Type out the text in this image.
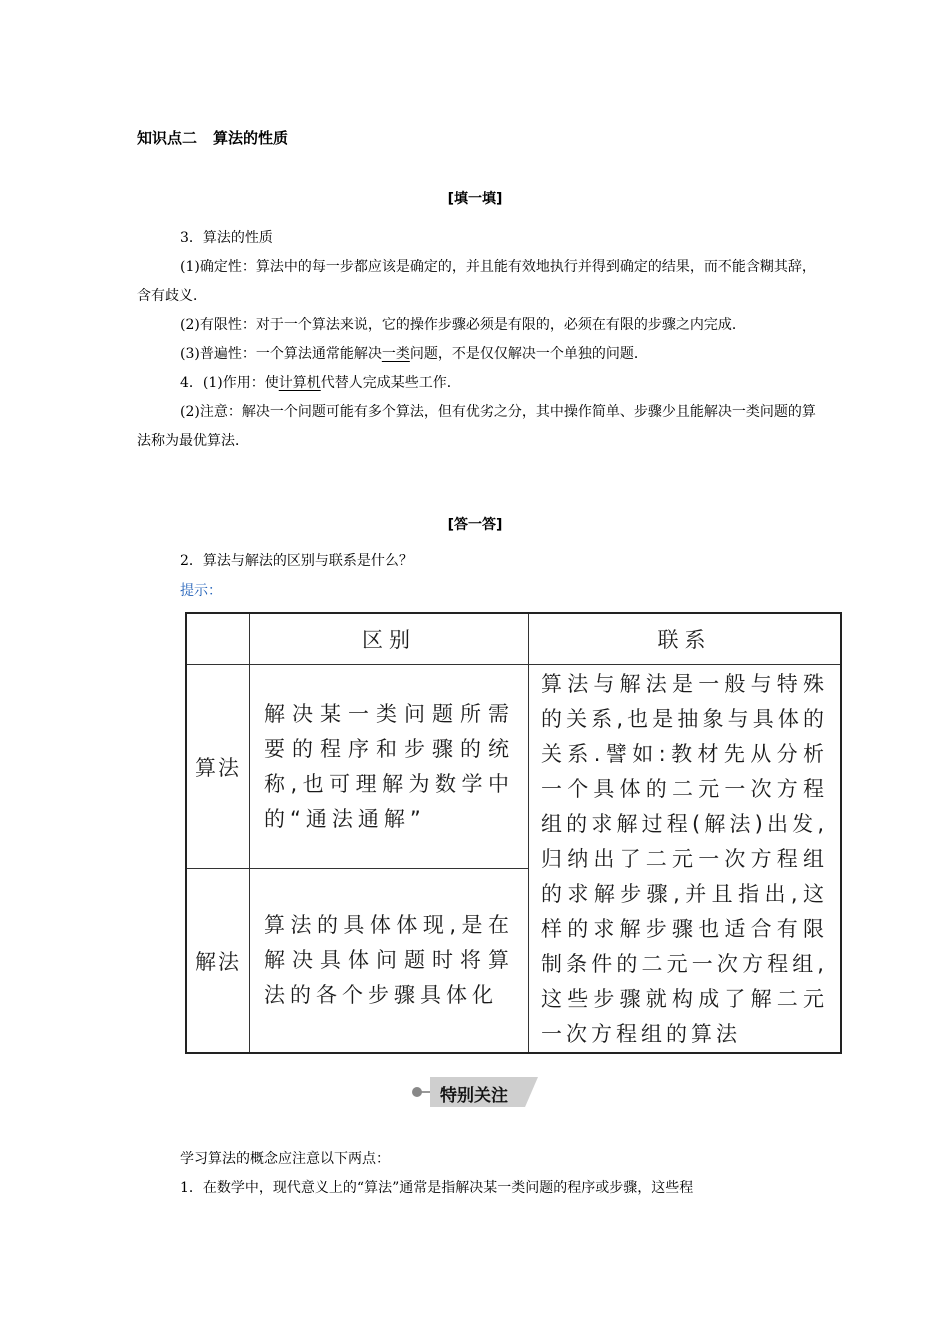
知识点二 算法的性质
[填一填]

3．算法的性质

(1)确定性：算法中的每一步都应该是确定的，并且能有效地执行并得到确定的结果，而不能含糊其辞，含有歧义．

(2)有限性：对于一个算法来说，它的操作步骤必须是有限的，必须在有限的步骤之内完成．

(3)普遍性：一个算法通常能解决一类问题，不是仅仅解决一个单独的问题．

4．(1)作用：使计算机代替人完成某些工作．

(2)注意：解决一个问题可能有多个算法，但有优劣之分，其中操作简单、步骤少且能解决一类问题的算法称为最优算法．

[答一答]

2．算法与解法的区别与联系是什么？

提示：
	区别	联系
算法	解决某一类问题所需要的程序和步骤的统称,也可理解为数学中的“通法通解”	算法与解法是一般与特殊的关系,也是抽象与具体的关系.譬如:教材先从分析一个具体的二元一次方程组的求解过程(解法)出发,归纳出了二元一次方程组的求解步骤,并且指出,这样的求解步骤也适合有限制条件的二元一次方程组,这些步骤就构成了解二元一次方程组的算法
解法	算法的具体体现,是在解决具体问题时将算法的各个步骤具体化	
特别关注

学习算法的概念应注意以下两点：

1．在数学中，现代意义上的“算法”通常是指解决某一类问题的程序或步骤，这些程
